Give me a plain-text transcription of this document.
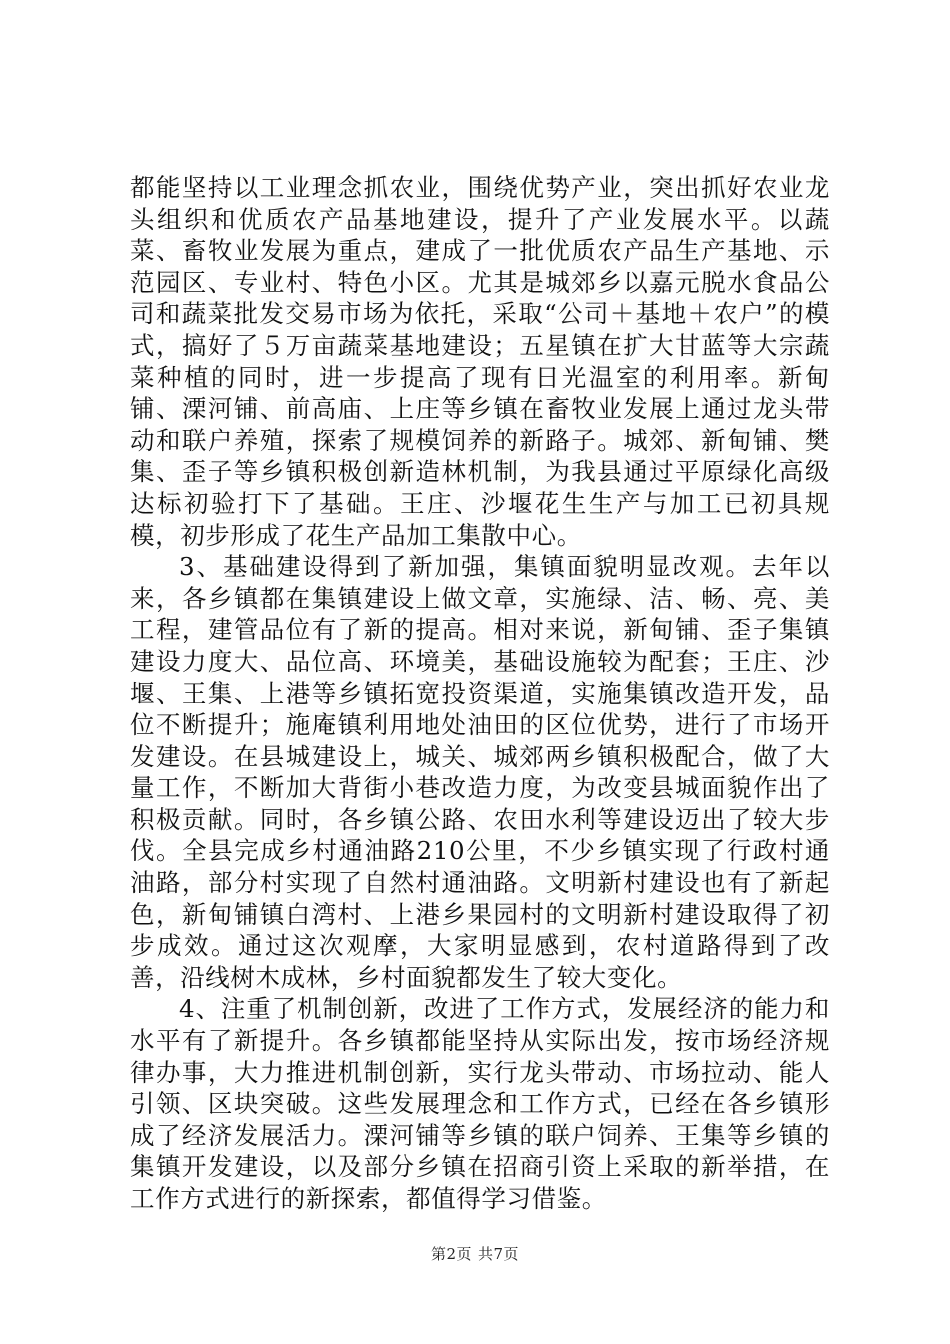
都能坚持以工业理念抓农业，围绕优势产业，突出抓好农业龙头组织和优质农产品基地建设，提升了产业发展水平。以蔬菜、畜牧业发展为重点，建成了一批优质农产品生产基地、示范园区、专业村、特色小区。尤其是城郊乡以嘉元脱水食品公司和蔬菜批发交易市场为依托，采取“公司＋基地＋农户”的模式，搞好了５万亩蔬菜基地建设；五星镇在扩大甘蓝等大宗蔬菜种植的同时，进一步提高了现有日光温室的利用率。新甸铺、溧河铺、前高庙、上庄等乡镇在畜牧业发展上通过龙头带动和联户养殖，探索了规模饲养的新路子。城郊、新甸铺、樊集、歪子等乡镇积极创新造林机制，为我县通过平原绿化高级达标初验打下了基础。王庄、沙堰花生生产与加工已初具规模，初步形成了花生产品加工集散中心。

3、基础建设得到了新加强，集镇面貌明显改观。去年以来，各乡镇都在集镇建设上做文章，实施绿、洁、畅、亮、美工程，建管品位有了新的提高。相对来说，新甸铺、歪子集镇建设力度大、品位高、环境美，基础设施较为配套；王庄、沙堰、王集、上港等乡镇拓宽投资渠道，实施集镇改造开发，品位不断提升；施庵镇利用地处油田的区位优势，进行了市场开发建设。在县城建设上，城关、城郊两乡镇积极配合，做了大量工作，不断加大背街小巷改造力度，为改变县城面貌作出了积极贡献。同时，各乡镇公路、农田水利等建设迈出了较大步伐。全县完成乡村通油路210公里，不少乡镇实现了行政村通油路，部分村实现了自然村通油路。文明新村建设也有了新起色，新甸铺镇白湾村、上港乡果园村的文明新村建设取得了初步成效。通过这次观摩，大家明显感到，农村道路得到了改善，沿线树木成林，乡村面貌都发生了较大变化。

4、注重了机制创新，改进了工作方式，发展经济的能力和水平有了新提升。各乡镇都能坚持从实际出发，按市场经济规律办事，大力推进机制创新，实行龙头带动、市场拉动、能人引领、区块突破。这些发展理念和工作方式，已经在各乡镇形成了经济发展活力。溧河铺等乡镇的联户饲养、王集等乡镇的集镇开发建设，以及部分乡镇在招商引资上采取的新举措，在工作方式进行的新探索，都值得学习借鉴。

第2页 共7页
